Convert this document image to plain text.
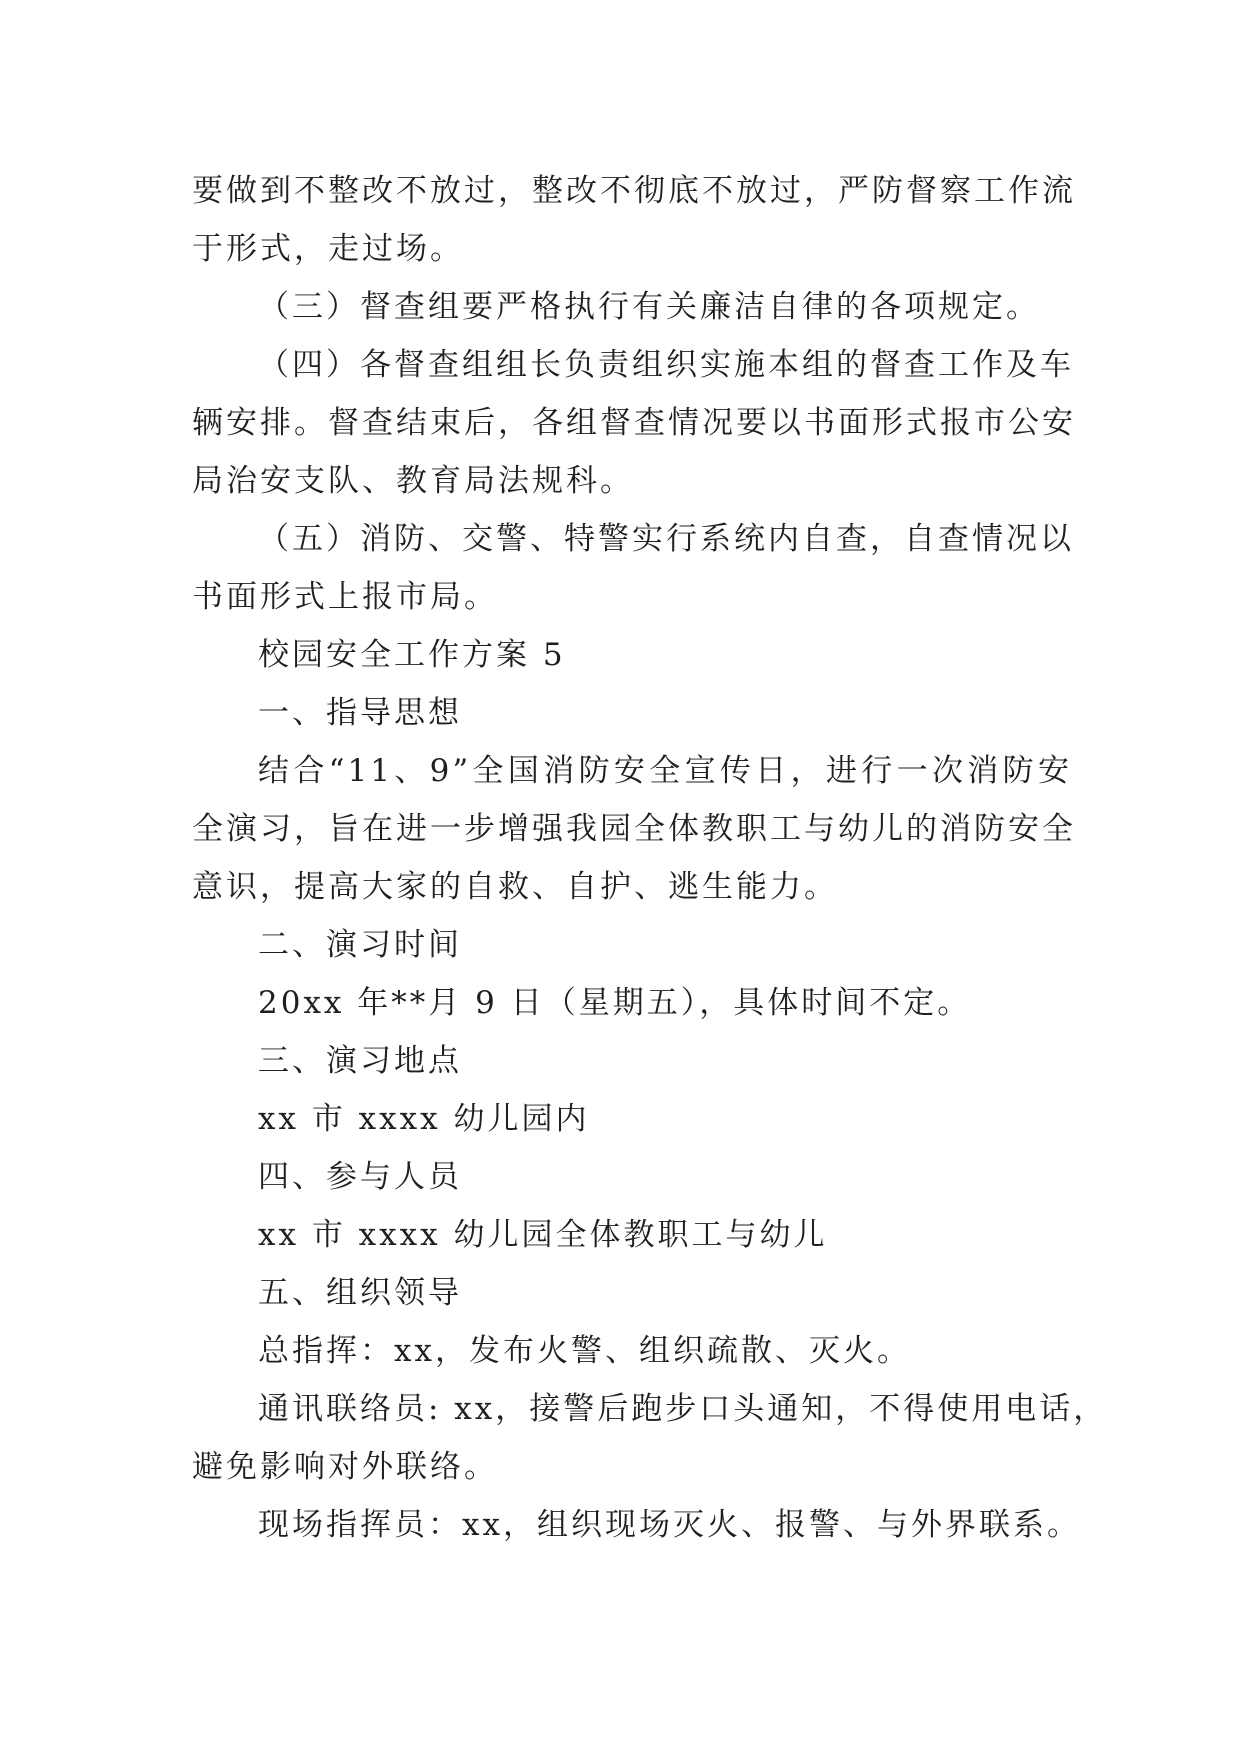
要做到不整改不放过，整改不彻底不放过，严防督察工作流
于形式，走过场。
（三）督查组要严格执行有关廉洁自律的各项规定。
（四）各督查组组长负责组织实施本组的督查工作及车
辆安排。督查结束后，各组督查情况要以书面形式报市公安
局治安支队、教育局法规科。
（五）消防、交警、特警实行系统内自查，自查情况以
书面形式上报市局。
校园安全工作方案 5
一、指导思想
结合“11、9”全国消防安全宣传日，进行一次消防安
全演习，旨在进一步增强我园全体教职工与幼儿的消防安全
意识，提高大家的自救、自护、逃生能力。
二、演习时间
20xx 年**月 9 日（星期五），具体时间不定。
三、演习地点
xx 市 xxxx 幼儿园内
四、参与人员
xx 市 xxxx 幼儿园全体教职工与幼儿
五、组织领导
总指挥：xx，发布火警、组织疏散、灭火。
通讯联络员: xx，接警后跑步口头通知，不得使用电话，
避免影响对外联络。
现场指挥员：xx，组织现场灭火、报警、与外界联系。
